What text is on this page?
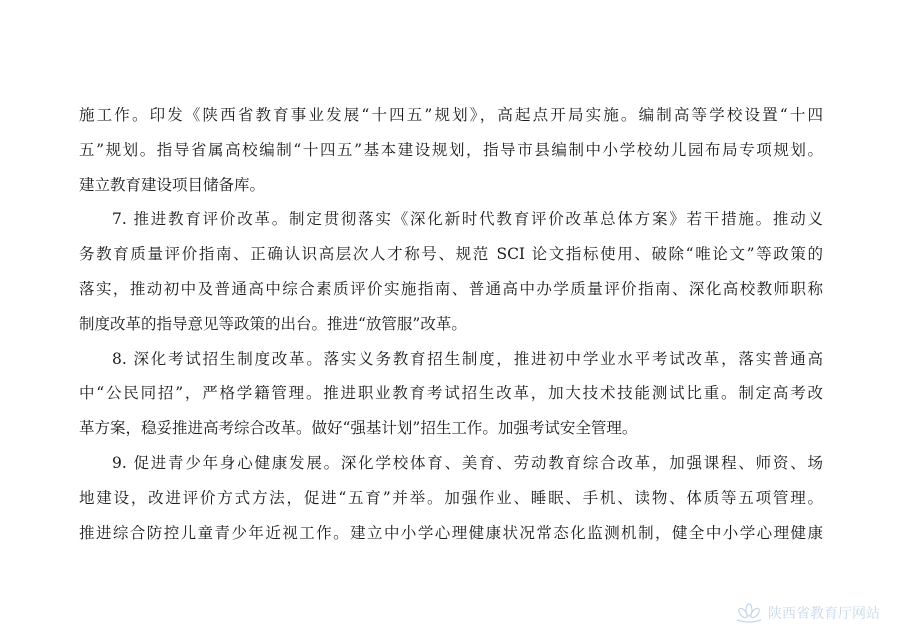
施工作。印发《陕西省教育事业发展“十四五”规划》，高起点开局实施。编制高等学校设置“十四
五”规划。指导省属高校编制“十四五”基本建设规划，指导市县编制中小学校幼儿园布局专项规划。
建立教育建设项目储备库。
7. 推进教育评价改革。制定贯彻落实《深化新时代教育评价改革总体方案》若干措施。推动义
务教育质量评价指南、正确认识高层次人才称号、规范 SCI 论文指标使用、破除“唯论文”等政策的
落实，推动初中及普通高中综合素质评价实施指南、普通高中办学质量评价指南、深化高校教师职称
制度改革的指导意见等政策的出台。推进“放管服”改革。
8. 深化考试招生制度改革。落实义务教育招生制度，推进初中学业水平考试改革，落实普通高
中“公民同招”，严格学籍管理。推进职业教育考试招生改革，加大技术技能测试比重。制定高考改
革方案，稳妥推进高考综合改革。做好“强基计划”招生工作。加强考试安全管理。
9. 促进青少年身心健康发展。深化学校体育、美育、劳动教育综合改革，加强课程、师资、场
地建设，改进评价方式方法，促进“五育”并举。加强作业、睡眠、手机、读物、体质等五项管理。
推进综合防控儿童青少年近视工作。建立中小学心理健康状况常态化监测机制，健全中小学心理健康
陕西省教育厅网站
